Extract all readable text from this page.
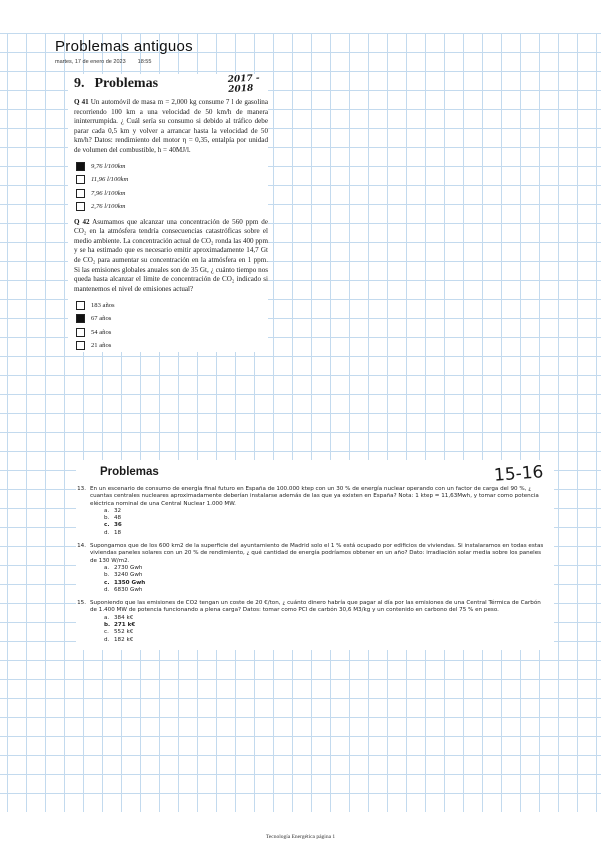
Problemas antiguos
martes, 17 de enero de 2023 18:55
9. Problemas	2017 - 2018

Q 41 Un automóvil de masa m = 2,000 kg consume 7 l de gasolina recorriendo 100 km a una velocidad de 50 km/h de manera ininterrumpida. ¿ Cuál sería su consumo si debido al tráfico debe parar cada 0,5 km y volver a arrancar hasta la velocidad de 50 km/h? Datos: rendimiento del motor η = 0,35, entalpía por unidad de volumen del combustible, h = 40MJ/l.

9,76 l/100km
11,96 l/100km
7,96 l/100km
2,76 l/100km

Q 42 Asumamos que alcanzar una concentración de 560 ppm de CO₂ en la atmósfera tendría consecuencias catastróficas sobre el medio ambiente. La concentración actual de CO₂ ronda las 400 ppm y se ha estimado que es necesario emitir aproximadamente 14,7 Gt de CO₂ para aumentar su concentración en la atmósfera en 1 ppm. Si las emisiones globales anuales son de 35 Gt, ¿ cuánto tiempo nos queda hasta alcanzar el límite de concentración de CO₂ indicado si mantenemos el nivel de emisiones actual?

183 años
67 años
54 años
21 años
Problemas	15-16
13. En un escenario de consumo de energía final futuro en España de 100.000 ktep con un 30 % de energía nuclear operando con un factor de carga del 90 %, ¿ cuantas centrales nucleares aproximadamente deberían instalarse además de las que ya existen en España? Nota: 1 ktep = 11,63Mwh, y tomar como potencia eléctrica nominal de una Central Nuclear 1.000 MW.
a. 32
b. 48
c. 36
d. 18
14. Supongamos que de los 600 km2 de la superficie del ayuntamiento de Madrid solo el 1 % está ocupado por edificios de viviendas. Si instalaramos en todas estas viviendas paneles solares con un 20 % de rendimiento, ¿ qué cantidad de energía podríamos obtener en un año? Dato: irradiación solar media sobre los paneles de 130 W/m2.
a. 2730 Gwh
b. 3240 Gwh
c. 1350 Gwh
d. 6830 Gwh
15. Suponiendo que las emisiones de CO2 tengan un coste de 20 €/ton, ¿ cuánto dinero habría que pagar al día por las emisiones de una Central Térmica de Carbón de 1.400 MW de potencia funcionando a plena carga? Datos: tomar como PCI de carbón 30,6 M3/kg y un contenido en carbono del 75 % en peso.
a. 384 k€
b. 271 k€
c. 552 k€
d. 182 k€
Tecnología Energética página 1
